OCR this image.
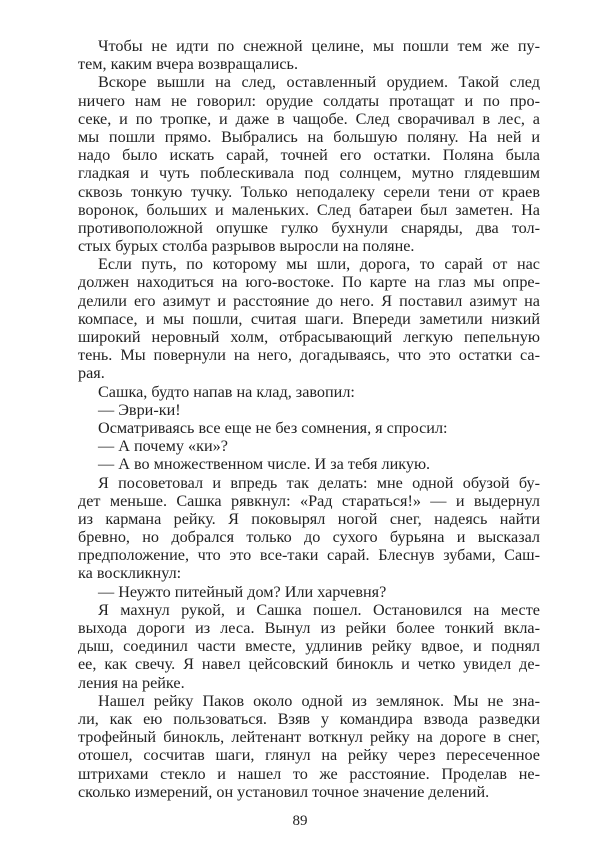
Чтобы не идти по снежной целине, мы пошли тем же пу-
тем, каким вчера возвращались.
Вскоре вышли на след, оставленный орудием. Такой след
ничего нам не говорил: орудие солдаты протащат и по про-
секе, и по тропке, и даже в чащобе. След сворачивал в лес, а
мы пошли прямо. Выбрались на большую поляну. На ней и
надо было искать сарай, точней его остатки. Поляна была
гладкая и чуть поблескивала под солнцем, мутно глядевшим
сквозь тонкую тучку. Только неподалеку серели тени от краев
воронок, больших и маленьких. След батареи был заметен. На
противоположной опушке гулко бухнули снаряды, два тол-
стых бурых столба разрывов выросли на поляне.
Если путь, по которому мы шли, дорога, то сарай от нас
должен находиться на юго-востоке. По карте на глаз мы опре-
делили его азимут и расстояние до него. Я поставил азимут на
компасе, и мы пошли, считая шаги. Впереди заметили низкий
широкий неровный холм, отбрасывающий легкую пепельную
тень. Мы повернули на него, догадываясь, что это остатки са-
рая.
Сашка, будто напав на клад, завопил:
— Эври-ки!
Осматриваясь все еще не без сомнения, я спросил:
— А почему «ки»?
— А во множественном числе. И за тебя ликую.
Я посоветовал и впредь так делать: мне одной обузой бу-
дет меньше. Сашка рявкнул: «Рад стараться!» — и выдернул
из кармана рейку. Я поковырял ногой снег, надеясь найти
бревно, но добрался только до сухого бурьяна и высказал
предположение, что это все-таки сарай. Блеснув зубами, Саш-
ка воскликнул:
— Неужто питейный дом? Или харчевня?
Я махнул рукой, и Сашка пошел. Остановился на месте
выхода дороги из леса. Вынул из рейки более тонкий вкла-
дыш, соединил части вместе, удлинив рейку вдвое, и поднял
ее, как свечу. Я навел цейсовский бинокль и четко увидел де-
ления на рейке.
Нашел рейку Паков около одной из землянок. Мы не зна-
ли, как ею пользоваться. Взяв у командира взвода разведки
трофейный бинокль, лейтенант воткнул рейку на дороге в снег,
отошел, сосчитав шаги, глянул на рейку через пересеченное
штрихами стекло и нашел то же расстояние. Проделав не-
сколько измерений, он установил точное значение делений.
89
